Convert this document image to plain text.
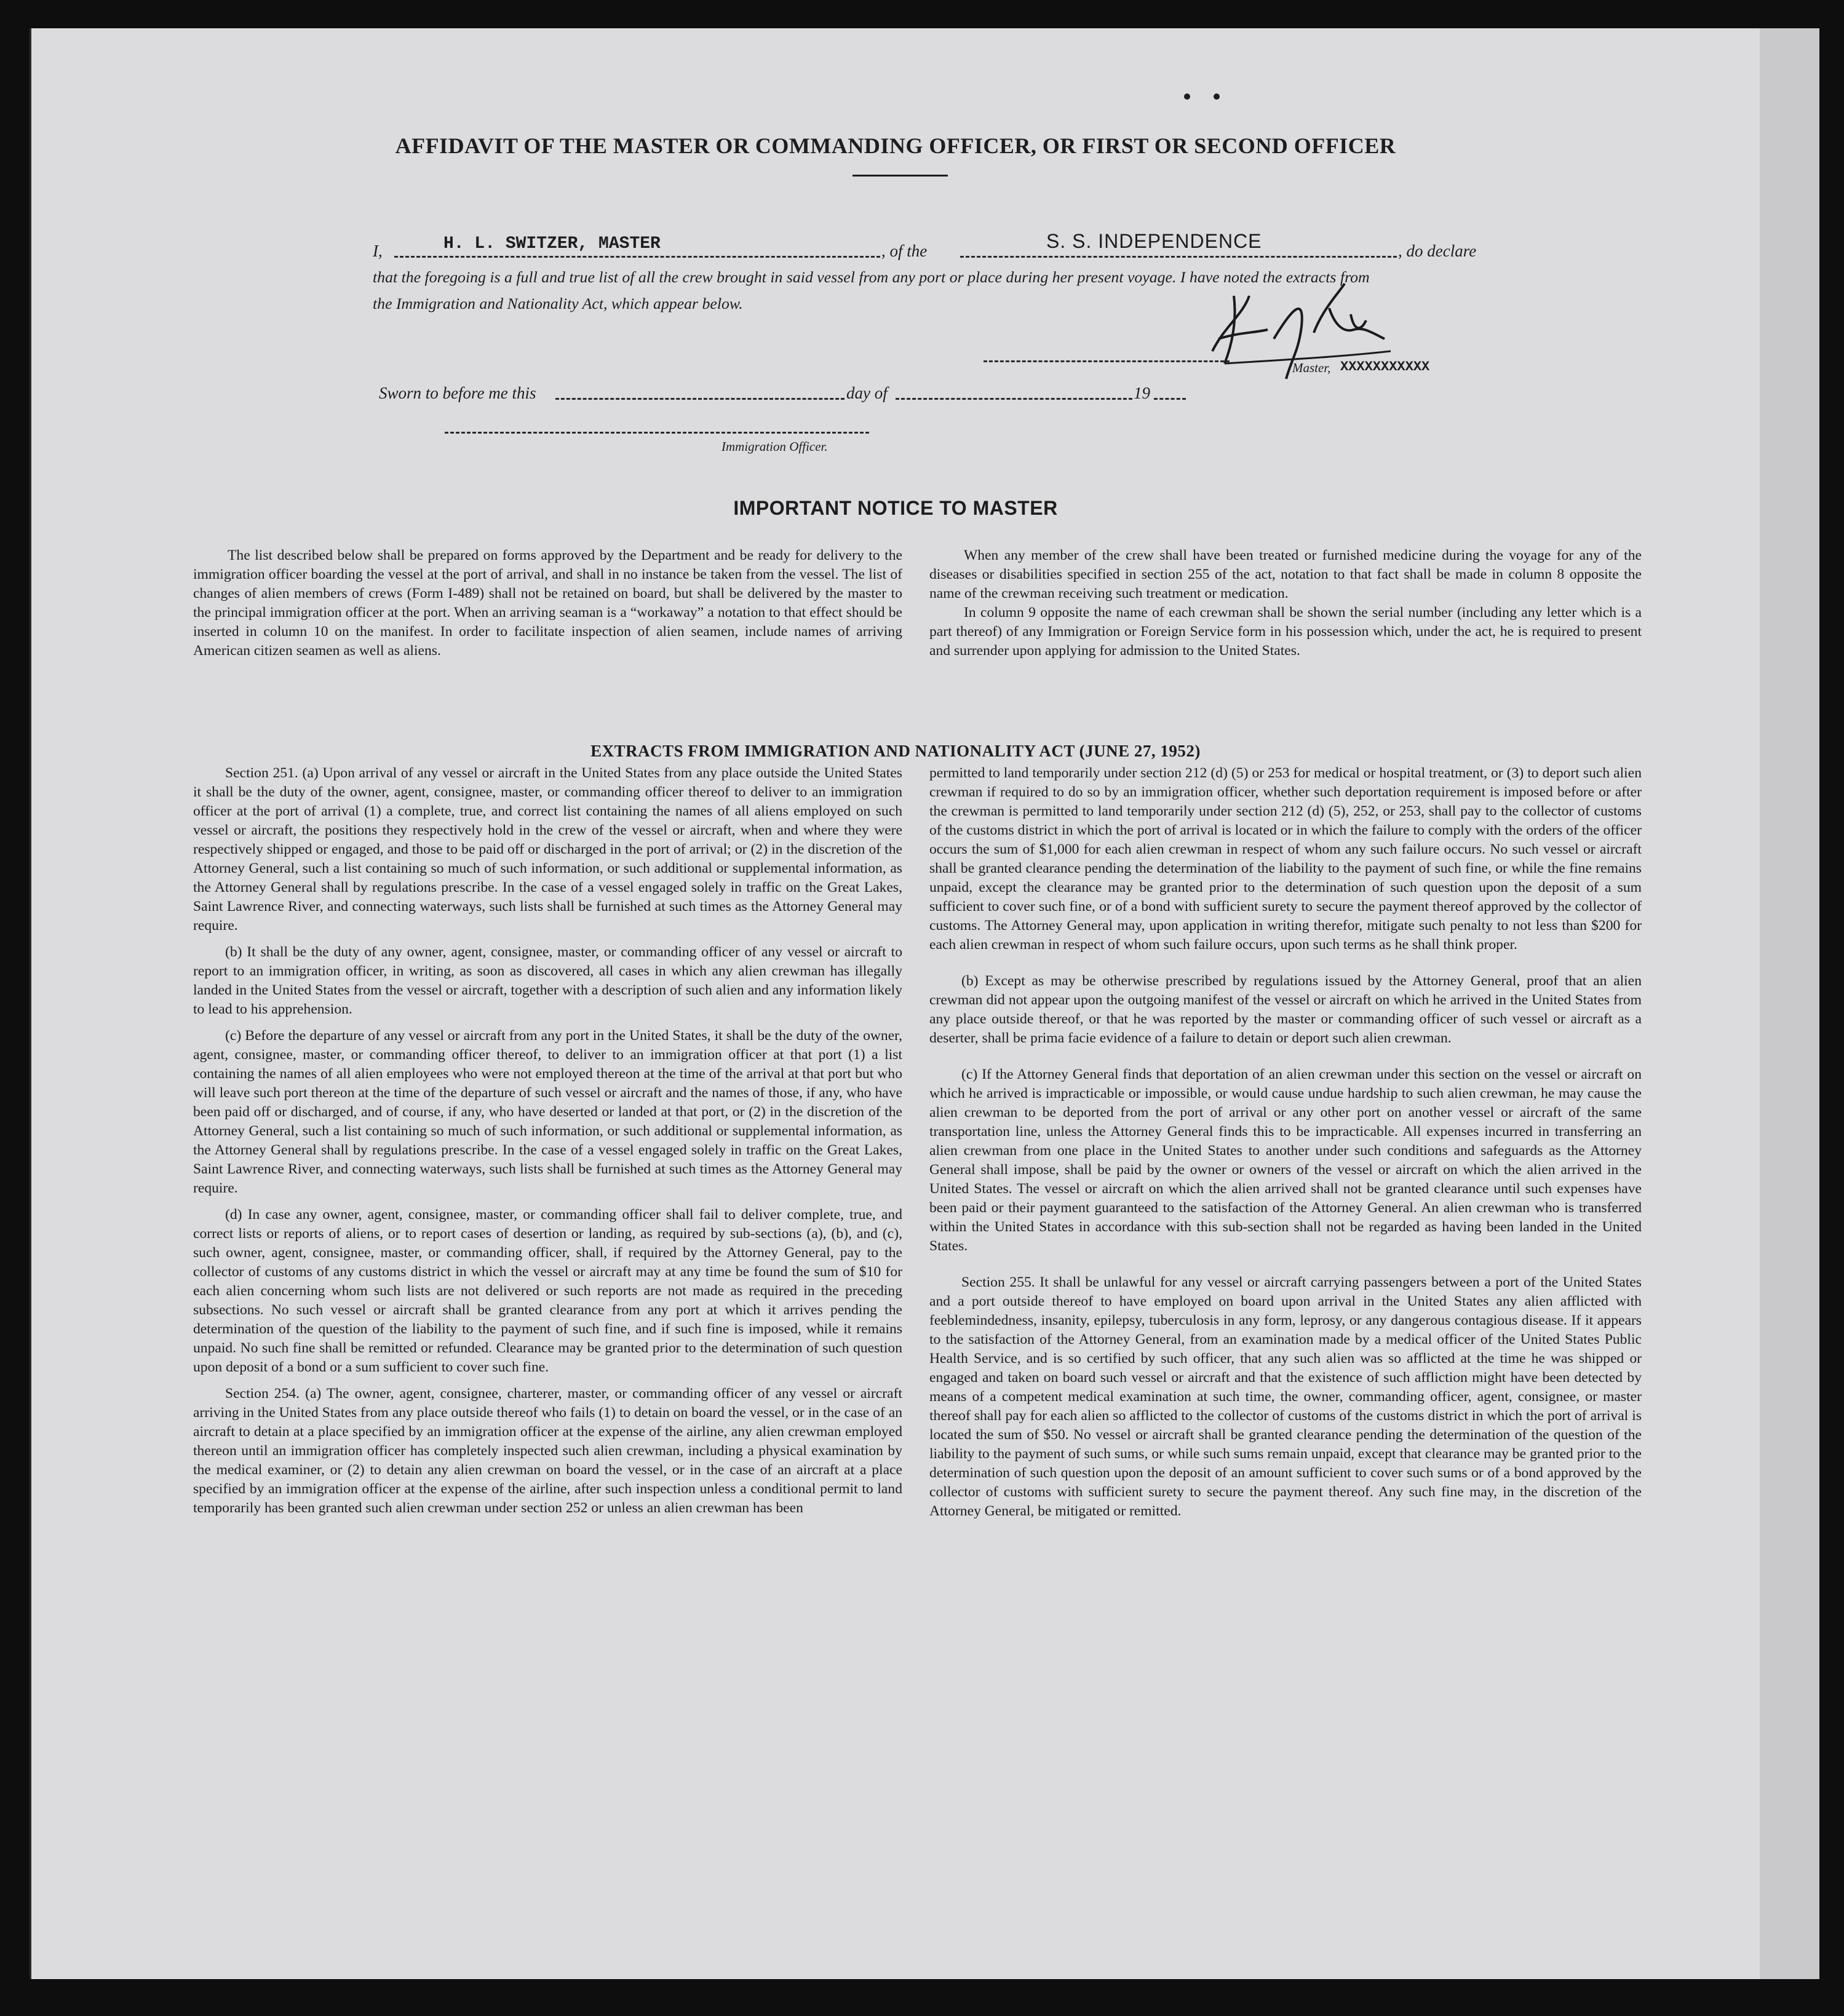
AFFIDAVIT OF THE MASTER OR COMMANDING OFFICER, OR FIRST OR SECOND OFFICER
I,	H. L. SWITZER, MASTER	, of the	S. S. INDEPENDENCE	, do declare
that the foregoing is a full and true list of all the crew brought in said vessel from any port or place during her present voyage. I have noted the extracts from
the Immigration and Nationality Act, which appear below.
Master, XXXXXXXXXXX
Sworn to before me this	day of	19
Immigration Officer.
IMPORTANT NOTICE TO MASTER

The list described below shall be prepared on forms approved by the Department and be ready for delivery to the immigration officer boarding the vessel at the port of arrival, and shall in no instance be taken from the vessel. The list of changes of alien members of crews (Form I-489) shall not be retained on board, but shall be delivered by the master to the principal immigration officer at the port. When an arriving seaman is a “workaway” a notation to that effect should be inserted in column 10 on the manifest. In order to facilitate inspection of alien seamen, include names of arriving American citizen seamen as well as aliens.

When any member of the crew shall have been treated or furnished medicine during the voyage for any of the diseases or disabilities specified in section 255 of the act, notation to that fact shall be made in column 8 opposite the name of the crewman receiving such treatment or medication.

In column 9 opposite the name of each crewman shall be shown the serial number (including any letter which is a part thereof) of any Immigration or Foreign Service form in his possession which, under the act, he is required to present and surrender upon applying for admission to the United States.

EXTRACTS FROM IMMIGRATION AND NATIONALITY ACT (JUNE 27, 1952)

Section 251. (a) Upon arrival of any vessel or aircraft in the United States from any place outside the United States it shall be the duty of the owner, agent, consignee, master, or commanding officer thereof to deliver to an immigration officer at the port of arrival (1) a complete, true, and correct list containing the names of all aliens employed on such vessel or aircraft, the positions they respectively hold in the crew of the vessel or aircraft, when and where they were respectively shipped or engaged, and those to be paid off or discharged in the port of arrival; or (2) in the discretion of the Attorney General, such a list containing so much of such information, or such additional or supplemental information, as the Attorney General shall by regulations prescribe. In the case of a vessel engaged solely in traffic on the Great Lakes, Saint Lawrence River, and connecting waterways, such lists shall be furnished at such times as the Attorney General may require.

(b) It shall be the duty of any owner, agent, consignee, master, or commanding officer of any vessel or aircraft to report to an immigration officer, in writing, as soon as discovered, all cases in which any alien crewman has illegally landed in the United States from the vessel or aircraft, together with a description of such alien and any information likely to lead to his apprehension.

(c) Before the departure of any vessel or aircraft from any port in the United States, it shall be the duty of the owner, agent, consignee, master, or commanding officer thereof, to deliver to an immigration officer at that port (1) a list containing the names of all alien employees who were not employed thereon at the time of the arrival at that port but who will leave such port thereon at the time of the departure of such vessel or aircraft and the names of those, if any, who have been paid off or discharged, and of course, if any, who have deserted or landed at that port, or (2) in the discretion of the Attorney General, such a list containing so much of such information, or such additional or supplemental information, as the Attorney General shall by regulations prescribe. In the case of a vessel engaged solely in traffic on the Great Lakes, Saint Lawrence River, and connecting waterways, such lists shall be furnished at such times as the Attorney General may require.

(d) In case any owner, agent, consignee, master, or commanding officer shall fail to deliver complete, true, and correct lists or reports of aliens, or to report cases of desertion or landing, as required by sub-sections (a), (b), and (c), such owner, agent, consignee, master, or commanding officer, shall, if required by the Attorney General, pay to the collector of customs of any customs district in which the vessel or aircraft may at any time be found the sum of $10 for each alien concerning whom such lists are not delivered or such reports are not made as required in the preceding subsections. No such vessel or aircraft shall be granted clearance from any port at which it arrives pending the determination of the question of the liability to the payment of such fine, and if such fine is imposed, while it remains unpaid. No such fine shall be remitted or refunded. Clearance may be granted prior to the determination of such question upon deposit of a bond or a sum sufficient to cover such fine.

Section 254. (a) The owner, agent, consignee, charterer, master, or commanding officer of any vessel or aircraft arriving in the United States from any place outside thereof who fails (1) to detain on board the vessel, or in the case of an aircraft to detain at a place specified by an immigration officer at the expense of the airline, any alien crewman employed thereon until an immigration officer has completely inspected such alien crewman, including a physical examination by the medical examiner, or (2) to detain any alien crewman on board the vessel, or in the case of an aircraft at a place specified by an immigration officer at the expense of the airline, after such inspection unless a conditional permit to land temporarily has been granted such alien crewman under section 252 or unless an alien crewman has been

permitted to land temporarily under section 212 (d) (5) or 253 for medical or hospital treatment, or (3) to deport such alien crewman if required to do so by an immigration officer, whether such deportation requirement is imposed before or after the crewman is permitted to land temporarily under section 212 (d) (5), 252, or 253, shall pay to the collector of customs of the customs district in which the port of arrival is located or in which the failure to comply with the orders of the officer occurs the sum of $1,000 for each alien crewman in respect of whom any such failure occurs. No such vessel or aircraft shall be granted clearance pending the determination of the liability to the payment of such fine, or while the fine remains unpaid, except the clearance may be granted prior to the determination of such question upon the deposit of a sum sufficient to cover such fine, or of a bond with sufficient surety to secure the payment thereof approved by the collector of customs. The Attorney General may, upon application in writing therefor, mitigate such penalty to not less than $200 for each alien crewman in respect of whom such failure occurs, upon such terms as he shall think proper.

(b) Except as may be otherwise prescribed by regulations issued by the Attorney General, proof that an alien crewman did not appear upon the outgoing manifest of the vessel or aircraft on which he arrived in the United States from any place outside thereof, or that he was reported by the master or commanding officer of such vessel or aircraft as a deserter, shall be prima facie evidence of a failure to detain or deport such alien crewman.

(c) If the Attorney General finds that deportation of an alien crewman under this section on the vessel or aircraft on which he arrived is impracticable or impossible, or would cause undue hardship to such alien crewman, he may cause the alien crewman to be deported from the port of arrival or any other port on another vessel or aircraft of the same transportation line, unless the Attorney General finds this to be impracticable. All expenses incurred in transferring an alien crewman from one place in the United States to another under such conditions and safeguards as the Attorney General shall impose, shall be paid by the owner or owners of the vessel or aircraft on which the alien arrived in the United States. The vessel or aircraft on which the alien arrived shall not be granted clearance until such expenses have been paid or their payment guaranteed to the satisfaction of the Attorney General. An alien crewman who is transferred within the United States in accordance with this sub-section shall not be regarded as having been landed in the United States.

Section 255. It shall be unlawful for any vessel or aircraft carrying passengers between a port of the United States and a port outside thereof to have employed on board upon arrival in the United States any alien afflicted with feeblemindedness, insanity, epilepsy, tuberculosis in any form, leprosy, or any dangerous contagious disease. If it appears to the satisfaction of the Attorney General, from an examination made by a medical officer of the United States Public Health Service, and is so certified by such officer, that any such alien was so afflicted at the time he was shipped or engaged and taken on board such vessel or aircraft and that the existence of such affliction might have been detected by means of a competent medical examination at such time, the owner, commanding officer, agent, consignee, or master thereof shall pay for each alien so afflicted to the collector of customs of the customs district in which the port of arrival is located the sum of $50. No vessel or aircraft shall be granted clearance pending the determination of the question of the liability to the payment of such sums, or while such sums remain unpaid, except that clearance may be granted prior to the determination of such question upon the deposit of an amount sufficient to cover such sums or of a bond approved by the collector of customs with sufficient surety to secure the payment thereof. Any such fine may, in the discretion of the Attorney General, be mitigated or remitted.
